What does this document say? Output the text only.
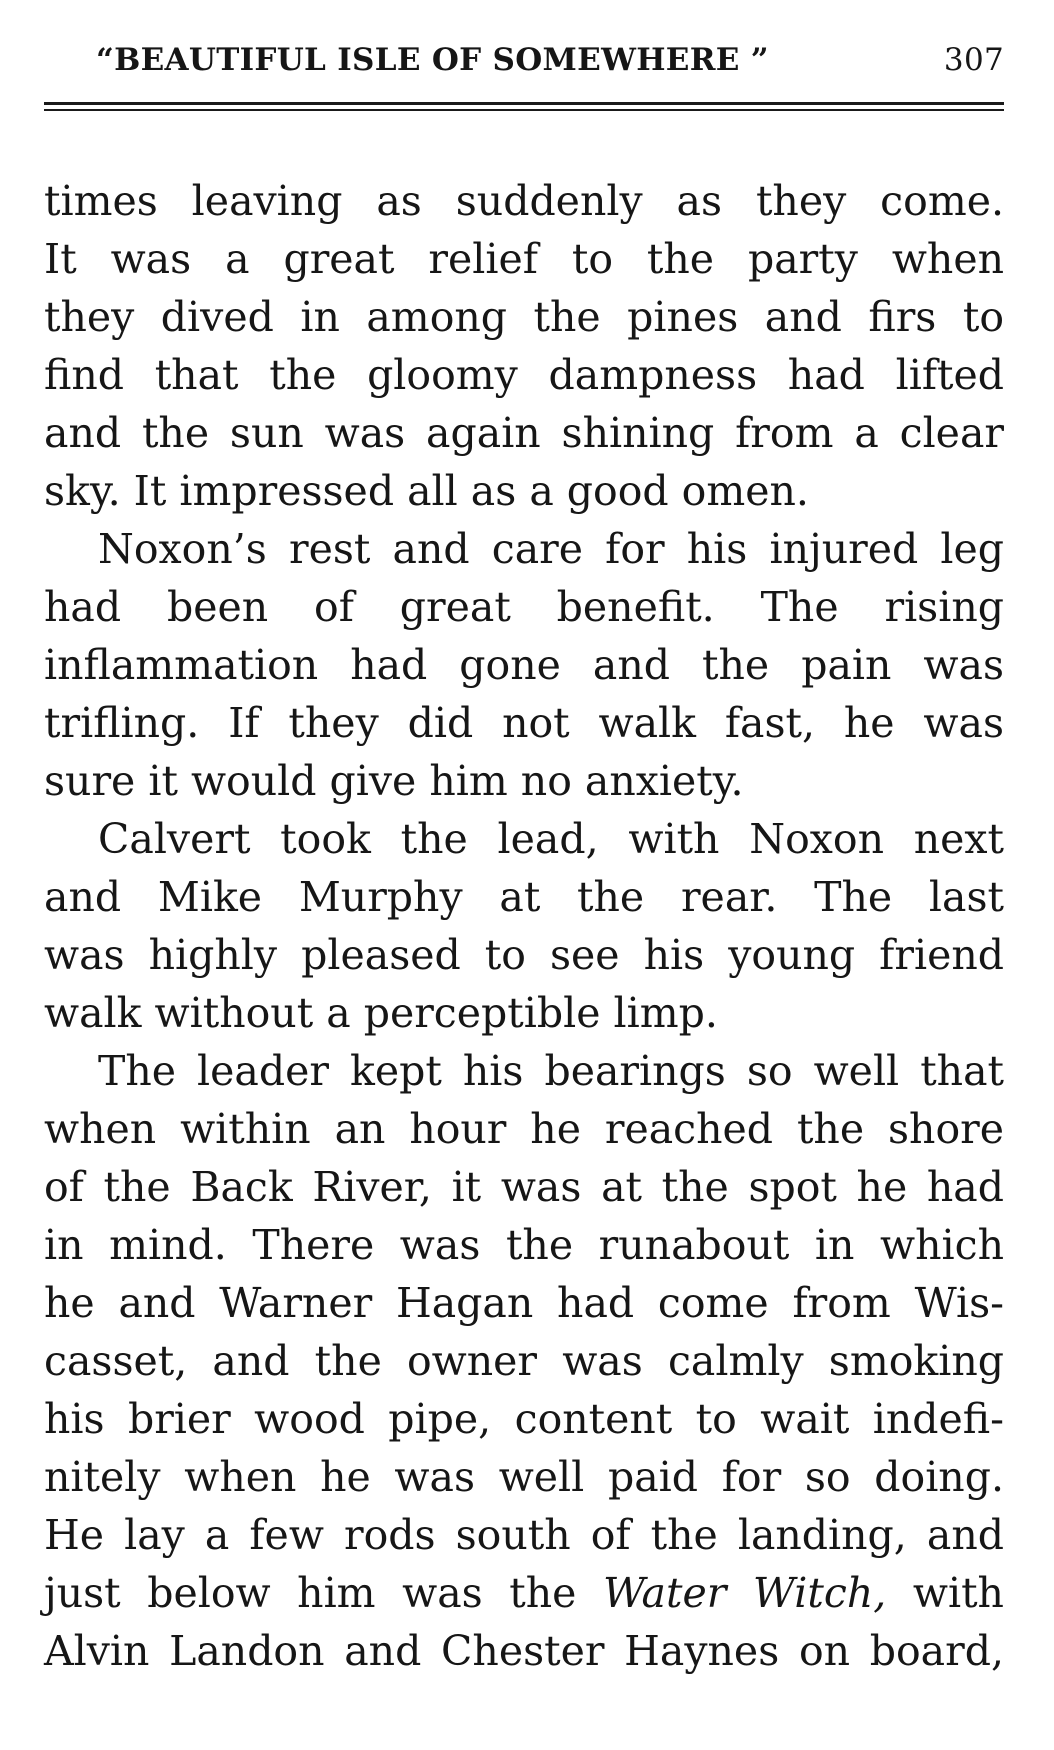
“BEAUTIFUL ISLE OF SOMEWHERE ”	307
times leaving as suddenly as they come.
It was a great relief to the party when
they dived in among the pines and firs to
find that the gloomy dampness had lifted
and the sun was again shining from a clear
sky. It impressed all as a good omen.
Noxon’s rest and care for his injured leg
had been of great benefit. The rising
inflammation had gone and the pain was
trifling. If they did not walk fast, he was
sure it would give him no anxiety.
Calvert took the lead, with Noxon next
and Mike Murphy at the rear. The last
was highly pleased to see his young friend
walk without a perceptible limp.
The leader kept his bearings so well that
when within an hour he reached the shore
of the Back River, it was at the spot he had
in mind. There was the runabout in which
he and Warner Hagan had come from Wis-
casset, and the owner was calmly smoking
his brier wood pipe, content to wait indefi-
nitely when he was well paid for so doing.
He lay a few rods south of the landing, and
just below him was the Water Witch, with
Alvin Landon and Chester Haynes on board,
